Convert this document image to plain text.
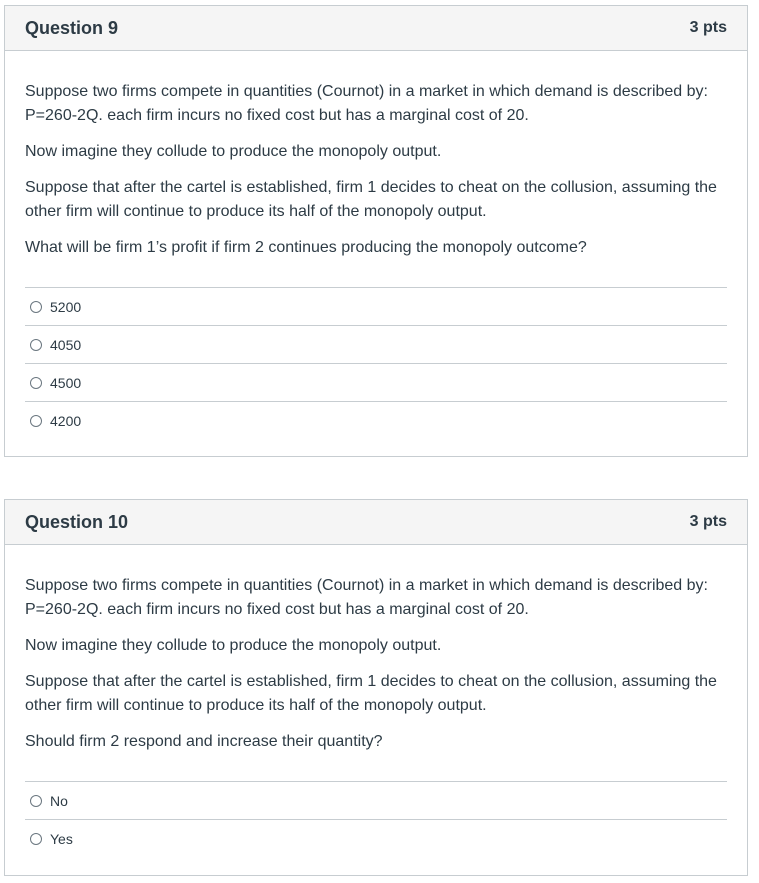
Question 9	3 pts

Suppose two firms compete in quantities (Cournot) in a market in which demand is described by: P=260-2Q. each firm incurs no fixed cost but has a marginal cost of 20.

Now imagine they collude to produce the monopoly output.

Suppose that after the cartel is established, firm 1 decides to cheat on the collusion, assuming the other firm will continue to produce its half of the monopoly output.

What will be firm 1’s profit if firm 2 continues producing the monopoly outcome?

5200
4050
4500
4200
Question 10	3 pts

Suppose two firms compete in quantities (Cournot) in a market in which demand is described by: P=260-2Q. each firm incurs no fixed cost but has a marginal cost of 20.

Now imagine they collude to produce the monopoly output.

Suppose that after the cartel is established, firm 1 decides to cheat on the collusion, assuming the other firm will continue to produce its half of the monopoly output.

Should firm 2 respond and increase their quantity?

No
Yes
